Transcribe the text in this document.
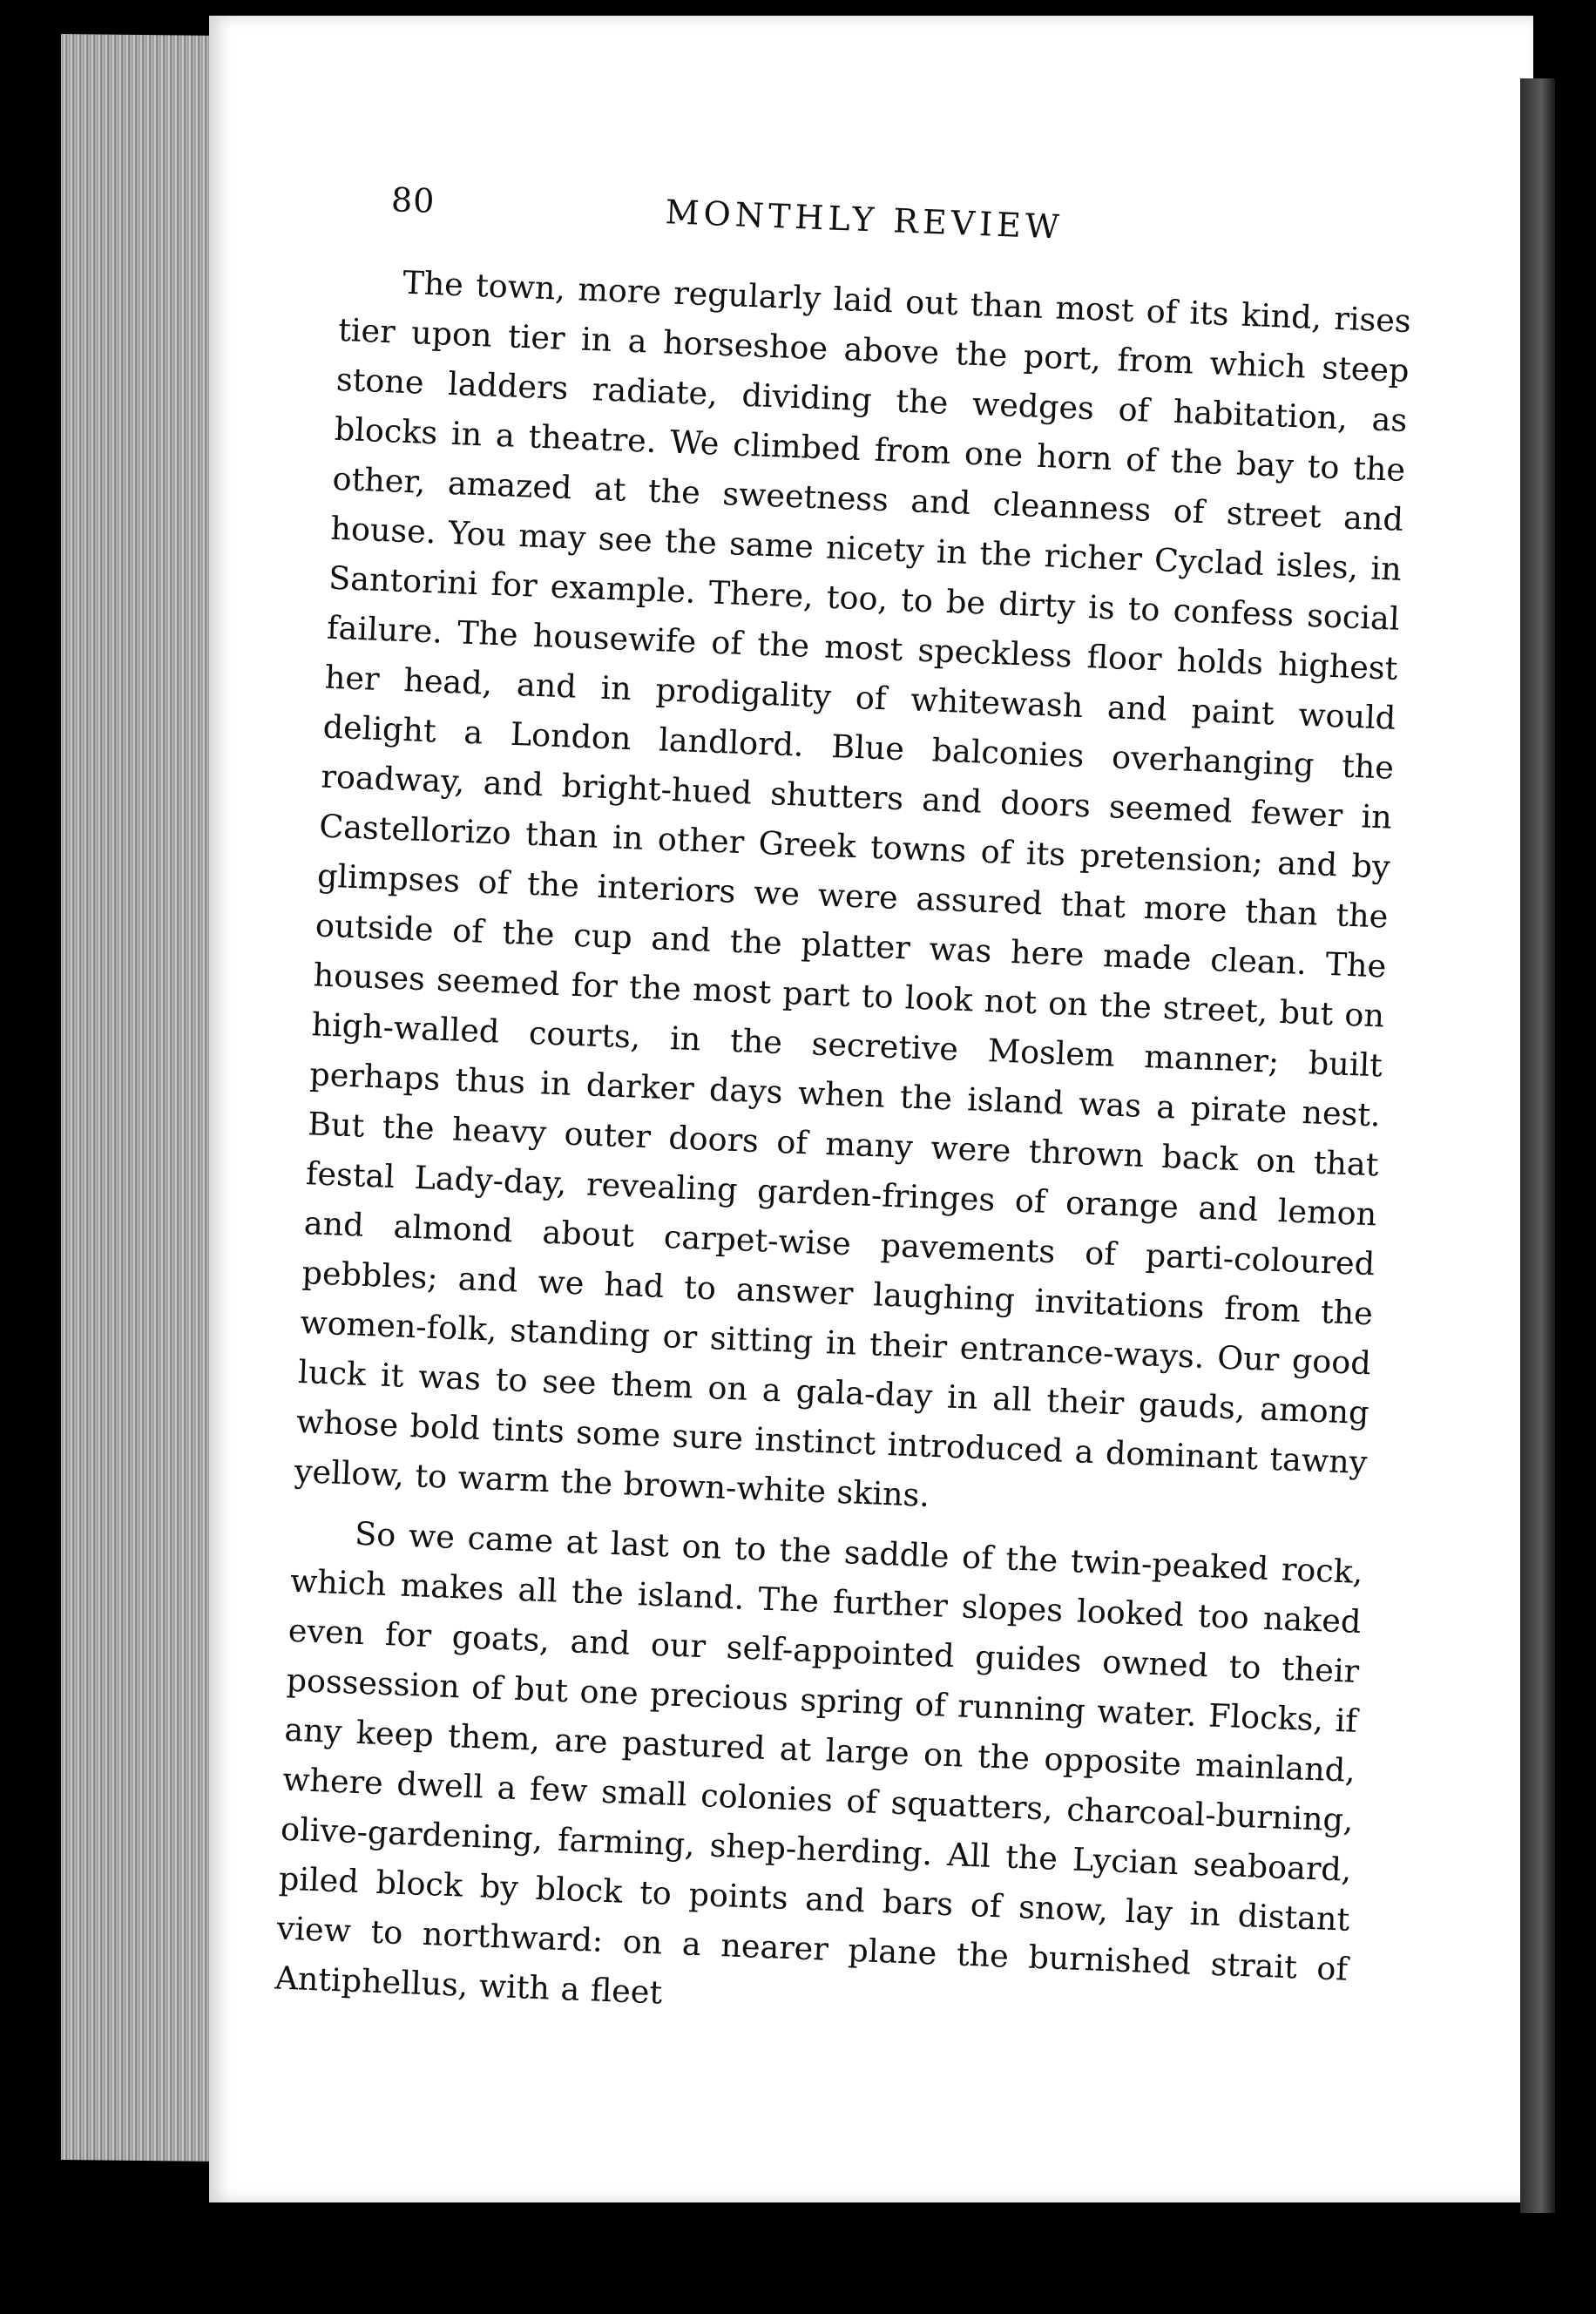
80	MONTHLY REVIEW

The town, more regularly laid out than most of its kind, rises tier upon tier in a horseshoe above the port, from which steep stone ladders radiate, dividing the wedges of habitation, as blocks in a theatre. We climbed from one horn of the bay to the other, amazed at the sweetness and cleanness of street and house. You may see the same nicety in the richer Cyclad isles, in Santorini for example. There, too, to be dirty is to confess social failure. The housewife of the most speckless floor holds highest her head, and in prodigality of whitewash and paint would delight a London landlord. Blue balconies overhanging the roadway, and bright-hued shutters and doors seemed fewer in Castellorizo than in other Greek towns of its pretension; and by glimpses of the interiors we were assured that more than the outside of the cup and the platter was here made clean. The houses seemed for the most part to look not on the street, but on high-walled courts, in the secretive Moslem manner; built perhaps thus in darker days when the island was a pirate nest. But the heavy outer doors of many were thrown back on that festal Lady-day, revealing garden-fringes of orange and lemon and almond about carpet-wise pavements of parti-coloured pebbles; and we had to answer laughing invitations from the women-folk, standing or sitting in their entrance-ways. Our good luck it was to see them on a gala-day in all their gauds, among whose bold tints some sure instinct introduced a dominant tawny yellow, to warm the brown-white skins.

So we came at last on to the saddle of the twin-peaked rock, which makes all the island. The further slopes looked too naked even for goats, and our self-appointed guides owned to their possession of but one precious spring of running water. Flocks, if any keep them, are pastured at large on the opposite mainland, where dwell a few small colonies of squatters, charcoal-burning, olive-gardening, farming, shep-herding. All the Lycian seaboard, piled block by block to points and bars of snow, lay in distant view to northward: on a nearer plane the burnished strait of Antiphellus, with a fleet
